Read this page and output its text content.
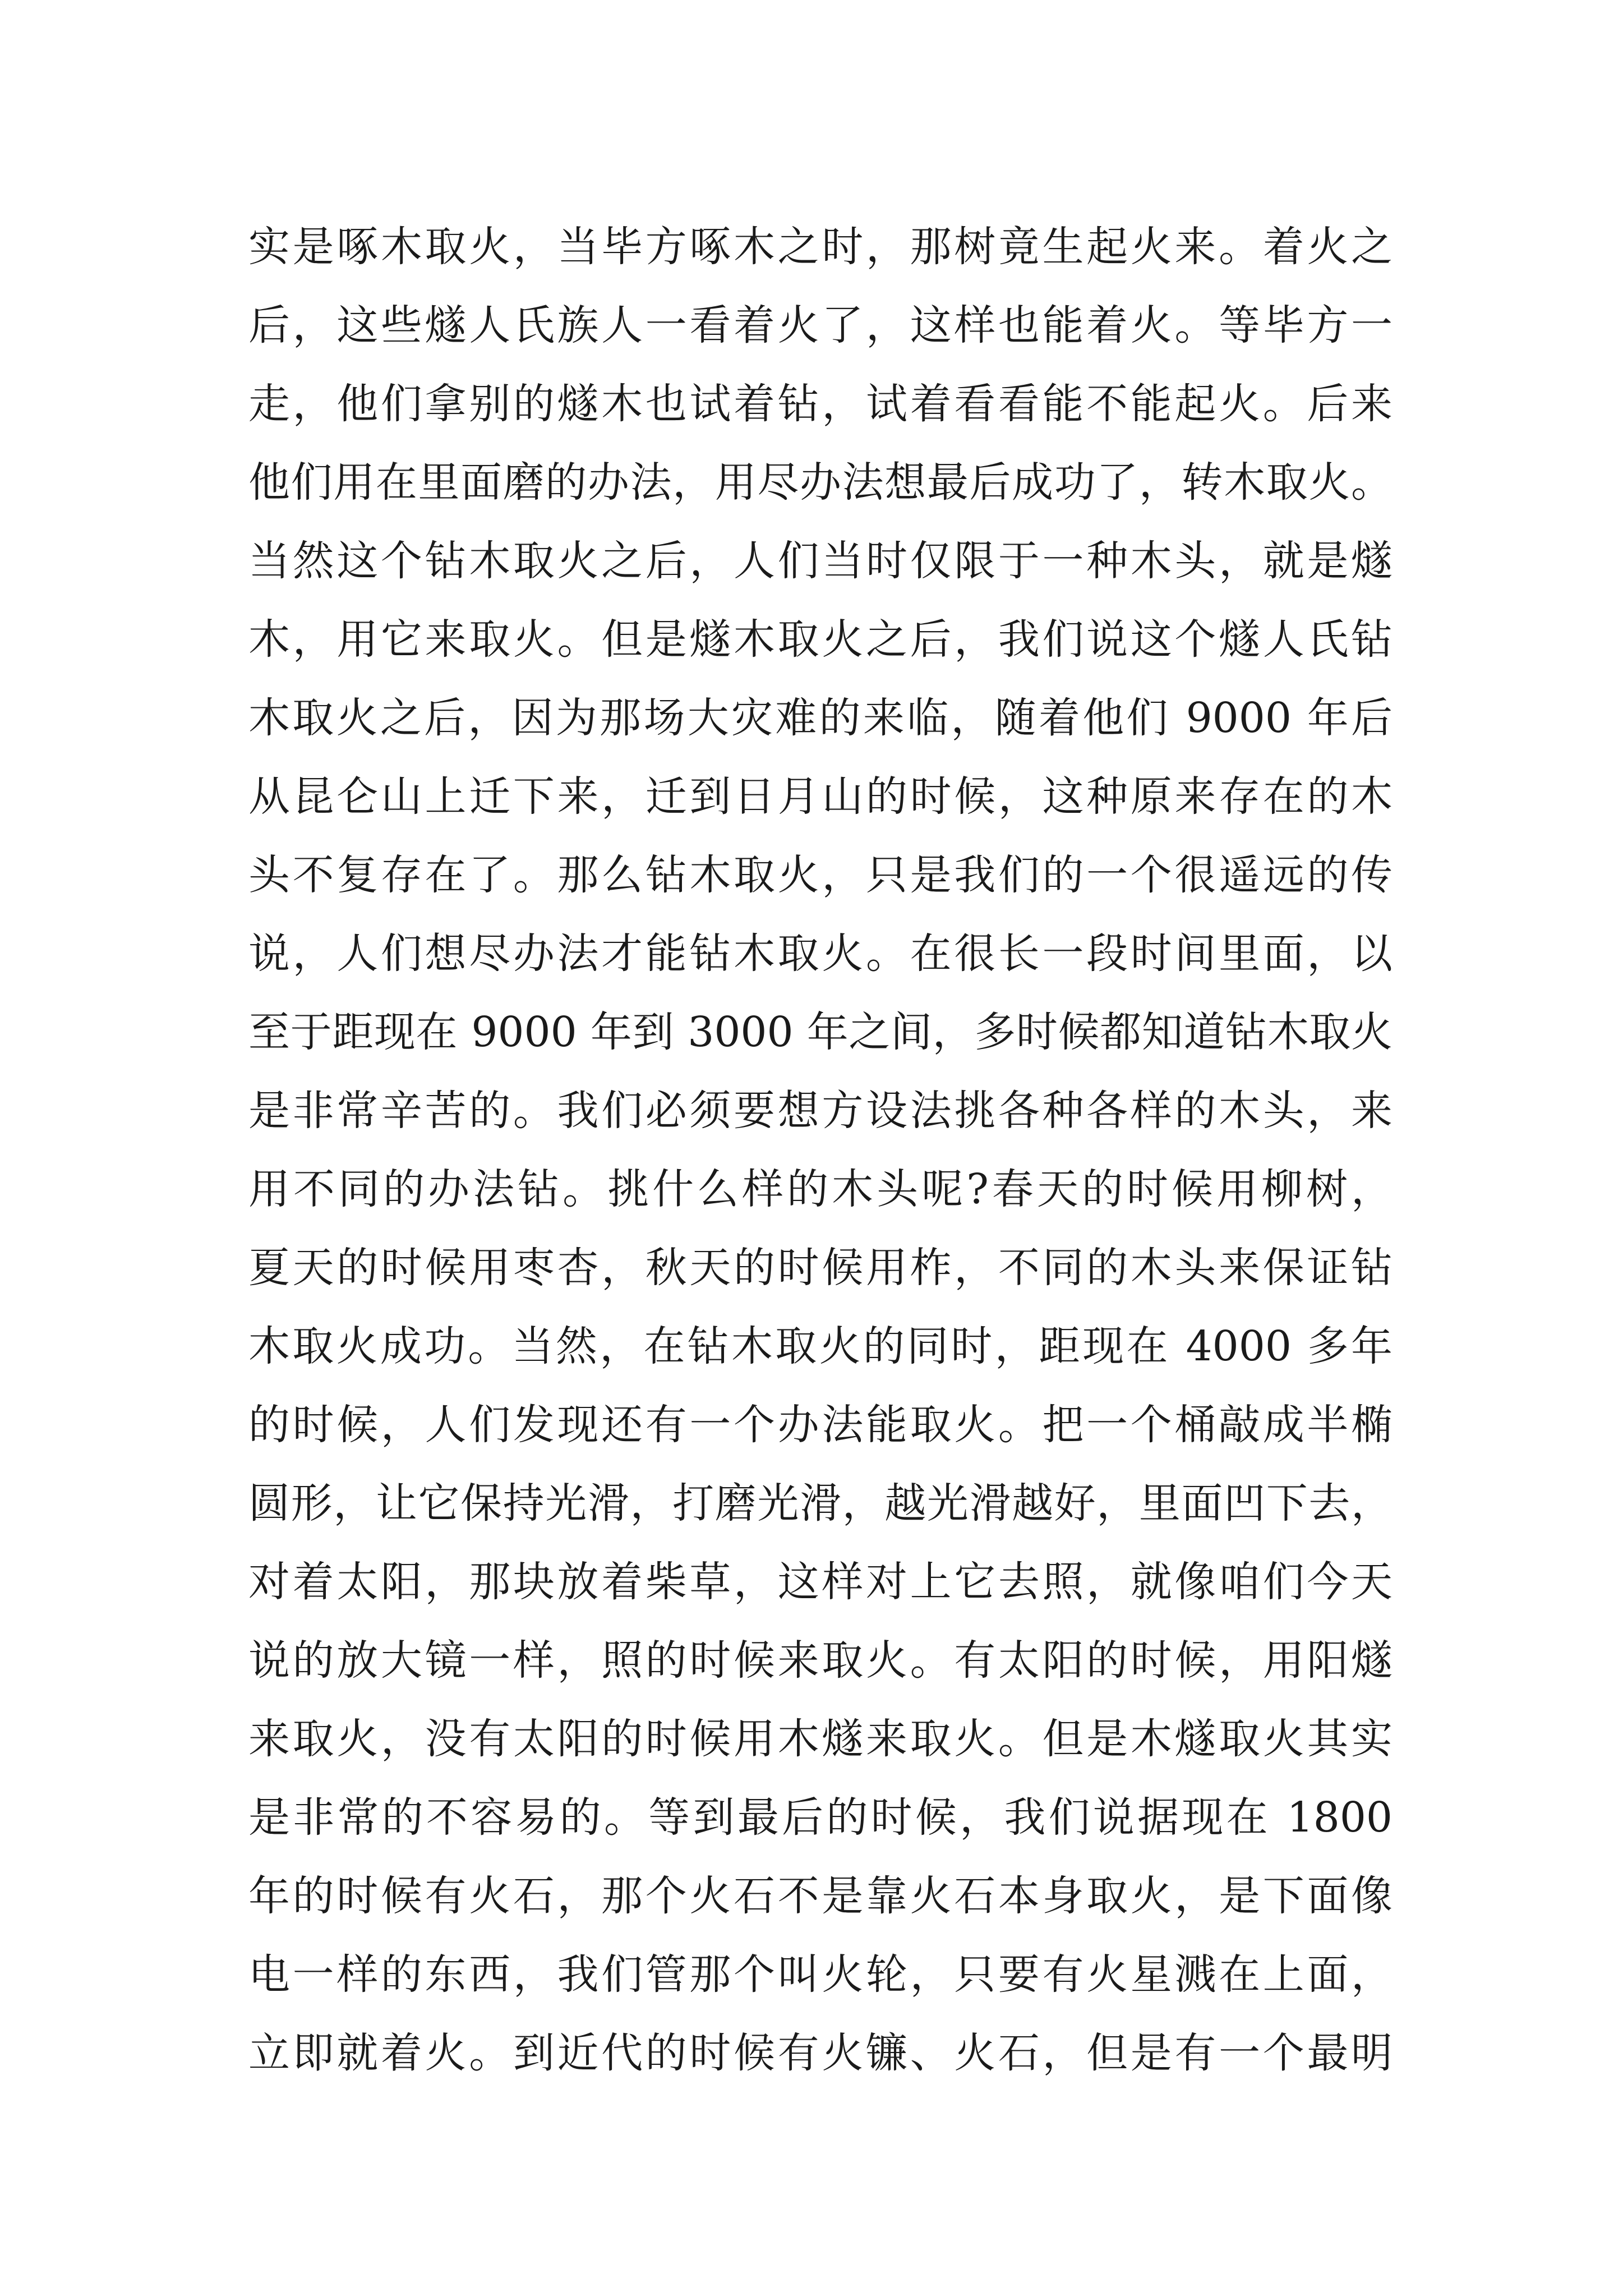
实是啄木取火，当毕方啄木之时，那树竟生起火来。着火之
后，这些燧人氏族人一看着火了，这样也能着火。等毕方一
走，他们拿别的燧木也试着钻，试着看看能不能起火。后来
他们用在里面磨的办法，用尽办法想最后成功了，转木取火。
当然这个钻木取火之后，人们当时仅限于一种木头，就是燧
木，用它来取火。但是燧木取火之后，我们说这个燧人氏钻
木取火之后，因为那场大灾难的来临，随着他们 9000 年后
从昆仑山上迁下来，迁到日月山的时候，这种原来存在的木
头不复存在了。那么钻木取火，只是我们的一个很遥远的传
说，人们想尽办法才能钻木取火。在很长一段时间里面，以
至于距现在 9000 年到 3000 年之间，多时候都知道钻木取火
是非常辛苦的。我们必须要想方设法挑各种各样的木头，来
用不同的办法钻。挑什么样的木头呢?春天的时候用柳树，
夏天的时候用枣杏，秋天的时候用柞，不同的木头来保证钻
木取火成功。当然，在钻木取火的同时，距现在 4000 多年
的时候，人们发现还有一个办法能取火。把一个桶敲成半椭
圆形，让它保持光滑，打磨光滑，越光滑越好，里面凹下去，
对着太阳，那块放着柴草，这样对上它去照，就像咱们今天
说的放大镜一样，照的时候来取火。有太阳的时候，用阳燧
来取火，没有太阳的时候用木燧来取火。但是木燧取火其实
是非常的不容易的。等到最后的时候，我们说据现在 1800
年的时候有火石，那个火石不是靠火石本身取火，是下面像
电一样的东西，我们管那个叫火轮，只要有火星溅在上面，
立即就着火。到近代的时候有火镰、火石，但是有一个最明
